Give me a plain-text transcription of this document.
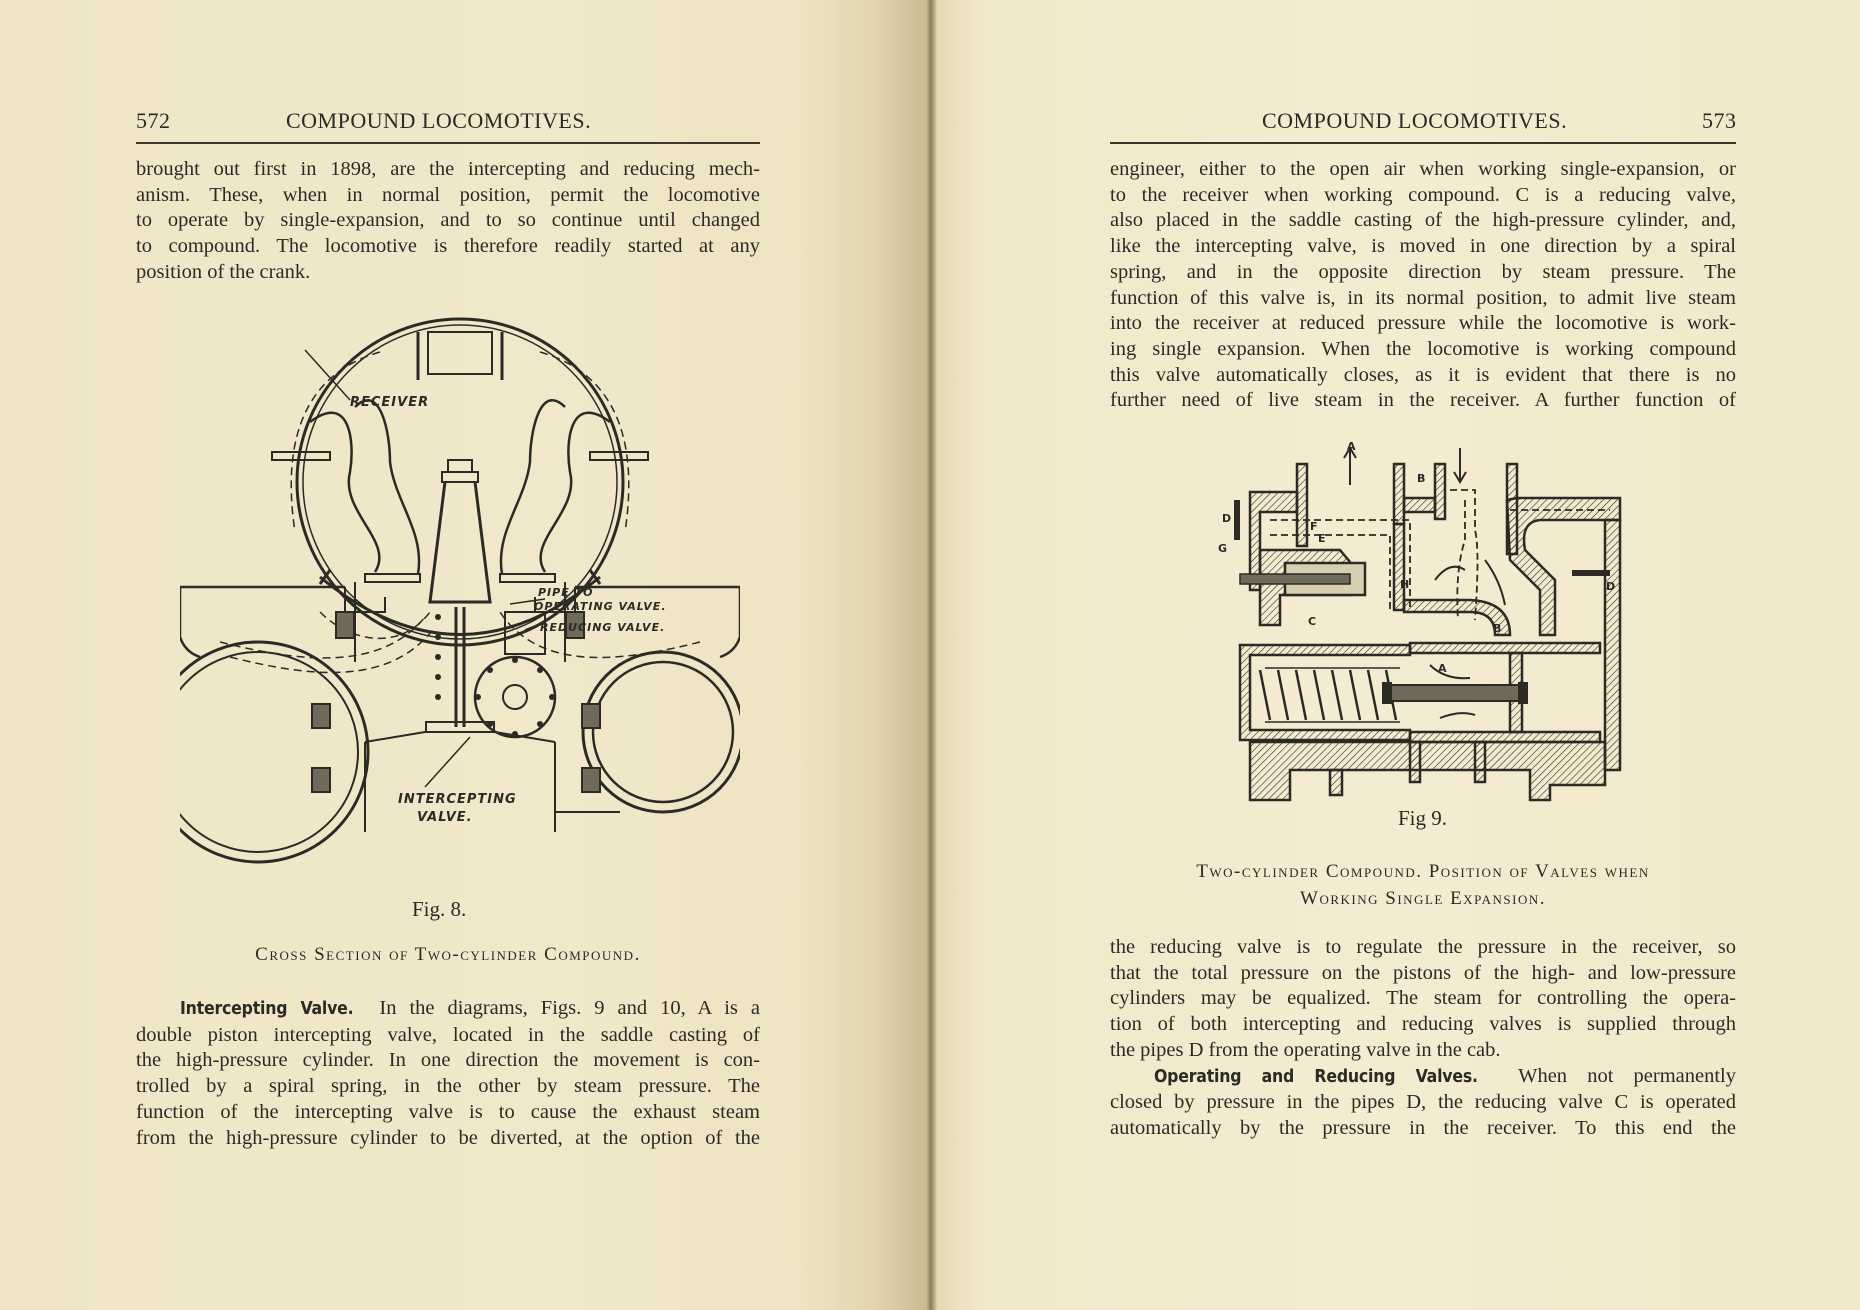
572	COMPOUND LOCOMOTIVES.
brought out first in 1898, are the intercepting and reducing mech-
anism. These, when in normal position, permit the locomotive
to operate by single-expansion, and to so continue until changed
to compound. The locomotive is therefore readily started at any
position of the crank.
RECEIVER
PIPE TO
OPERATING VALVE.
REDUCING VALVE.
INTERCEPTING
VALVE.
Fig. 8.
Cross Section of Two-cylinder Compound.
Intercepting Valve. In the diagrams, Figs. 9 and 10, A is a
double piston intercepting valve, located in the saddle casting of
the high-pressure cylinder. In one direction the movement is con-
trolled by a spiral spring, in the other by steam pressure. The
function of the intercepting valve is to cause the exhaust steam
from the high-pressure cylinder to be diverted, at the option of the
COMPOUND LOCOMOTIVES.	573
engineer, either to the open air when working single-expansion, or
to the receiver when working compound. C is a reducing valve,
also placed in the saddle casting of the high-pressure cylinder, and,
like the intercepting valve, is moved in one direction by a spiral
spring, and in the opposite direction by steam pressure. The
function of this valve is, in its normal position, to admit live steam
into the receiver at reduced pressure while the locomotive is work-
ing single expansion. When the locomotive is working compound
this valve automatically closes, as it is evident that there is no
further need of live steam in the receiver. A further function of
A
B
D
G
F
E
H
C
B
A
D
Fig 9.
Two-cylinder Compound. Position of Valves when
Working Single Expansion.
the reducing valve is to regulate the pressure in the receiver, so
that the total pressure on the pistons of the high- and low-pressure
cylinders may be equalized. The steam for controlling the opera-
tion of both intercepting and reducing valves is supplied through
the pipes D from the operating valve in the cab.
Operating and Reducing Valves. When not permanently
closed by pressure in the pipes D, the reducing valve C is operated
automatically by the pressure in the receiver. To this end the
